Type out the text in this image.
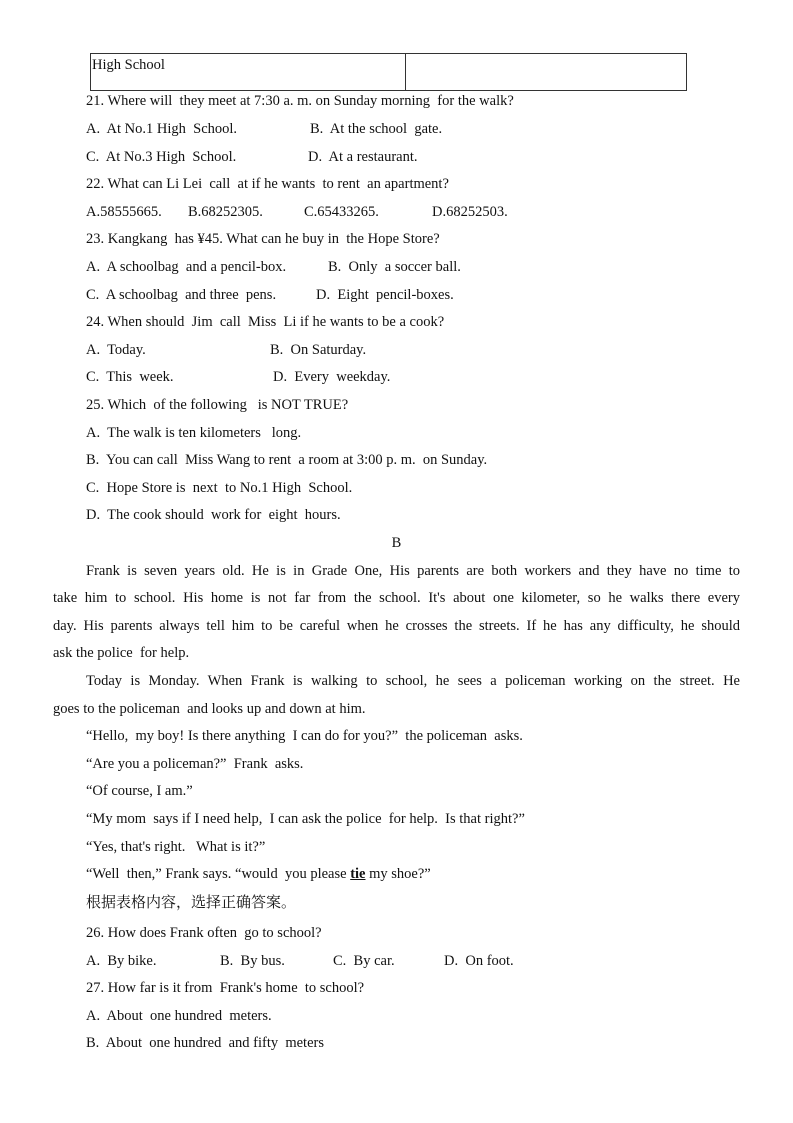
High School	
21. Where will  they meet at 7:30 a. m. on Sunday morning  for the walk?
A.  At No.1 High  School.	B.  At the school  gate.
C.  At No.3 High  School.	D.  At a restaurant.
22. What can Li Lei  call  at if he wants  to rent  an apartment?
A.58555665. B.68252305.	C.65433265.	D.68252503.
23. Kangkang  has ¥45. What can he buy in  the Hope Store?
A.  A schoolbag  and a pencil-box.	B.  Only  a soccer ball.
C.  A schoolbag  and three  pens.	D.  Eight  pencil-boxes.
24. When should  Jim  call  Miss  Li if he wants to be a cook?
A.  Today.	B.  On Saturday.
C.  This  week.	D.  Every  weekday.
25. Which  of the following   is NOT TRUE?
A.  The walk is ten kilometers   long.
B.  You can call  Miss Wang to rent  a room at 3:00 p. m.  on Sunday.
C.  Hope Store is  next  to No.1 High  School.
D.  The cook should  work for  eight  hours.
B
Frank is seven years old. He is in Grade One, His parents are both workers and they have no time to
take him to school. His home is not far from the school. It's about one kilometer, so he walks there every
day. His parents always tell him to be careful when he crosses the streets. If he has any difficulty, he should
ask the police  for help.
Today is Monday. When Frank is walking to school, he sees a policeman working on the street. He
goes to the policeman  and looks up and down at him.
“Hello,  my boy! Is there anything  I can do for you?”  the policeman  asks.
“Are you a policeman?”  Frank  asks.
“Of course, I am.”
“My mom  says if I need help,  I can ask the police  for help.  Is that right?”
“Yes, that's right.   What is it?”
“Well  then,” Frank says. “would  you please tie my shoe?”
根据表格内容，选择正确答案。
26. How does Frank often  go to school?
A.  By bike.	B.  By bus.	C.  By car.	D.  On foot.
27. How far is it from  Frank's home  to school?
A.  About  one hundred  meters.
B.  About  one hundred  and fifty  meters
